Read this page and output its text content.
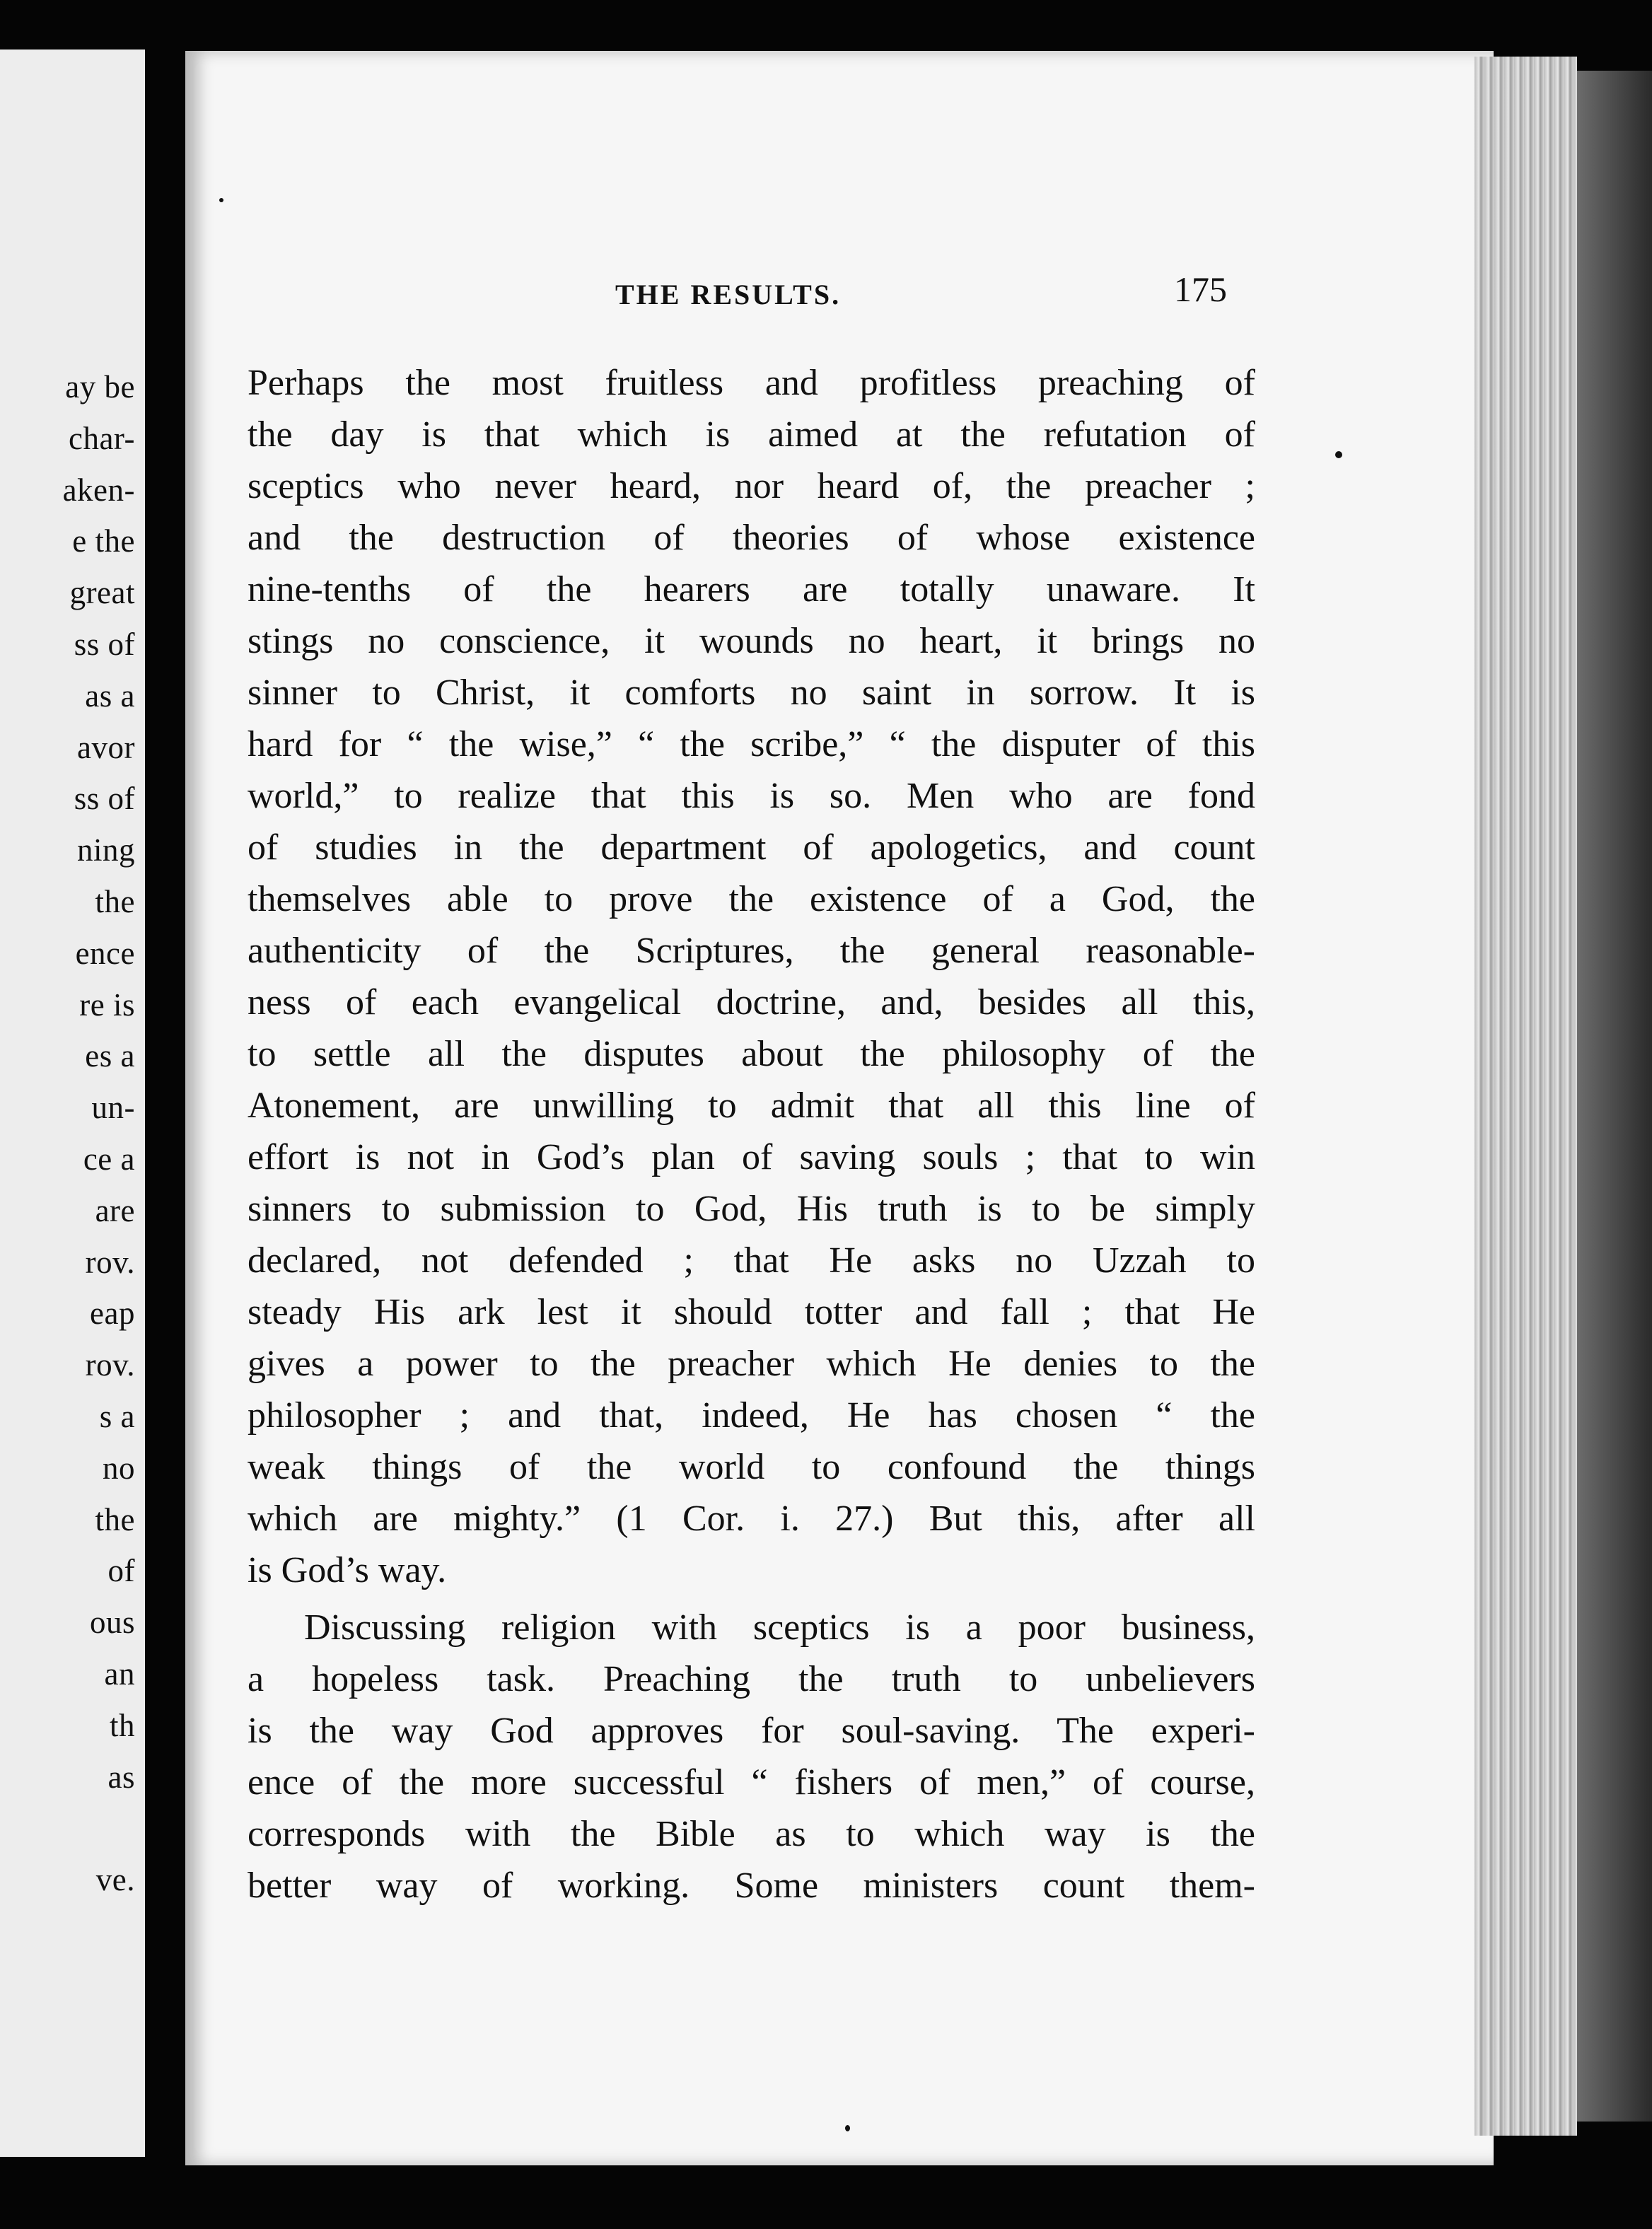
ay be
char-
aken-
e the
great
ss of
as a
avor
ss of
ning
the
ence
re is
es a
un-
ce a
are
rov.
eap
rov.
s a
no
the
of
ous
an
th
as
ve.
THE RESULTS.	175
Perhaps the most fruitless and profitless preaching of
the day is that which is aimed at the refutation of
sceptics who never heard, nor heard of, the preacher ;
and the destruction of theories of whose existence
nine-tenths of the hearers are totally unaware. It
stings no conscience, it wounds no heart, it brings no
sinner to Christ, it comforts no saint in sorrow. It is
hard for “ the wise,” “ the scribe,” “ the disputer of this
world,” to realize that this is so. Men who are fond
of studies in the department of apologetics, and count
themselves able to prove the existence of a God, the
authenticity of the Scriptures, the general reasonable-
ness of each evangelical doctrine, and, besides all this,
to settle all the disputes about the philosophy of the
Atonement, are unwilling to admit that all this line of
effort is not in God’s plan of saving souls ; that to win
sinners to submission to God, His truth is to be simply
declared, not defended ; that He asks no Uzzah to
steady His ark lest it should totter and fall ; that He
gives a power to the preacher which He denies to the
philosopher ; and that, indeed, He has chosen “ the
weak things of the world to confound the things
which are mighty.” (1 Cor. i. 27.) But this, after all
is God’s way.
Discussing religion with sceptics is a poor business,
a hopeless task. Preaching the truth to unbelievers
is the way God approves for soul-saving. The experi-
ence of the more successful “ fishers of men,” of course,
corresponds with the Bible as to which way is the
better way of working. Some ministers count them-
